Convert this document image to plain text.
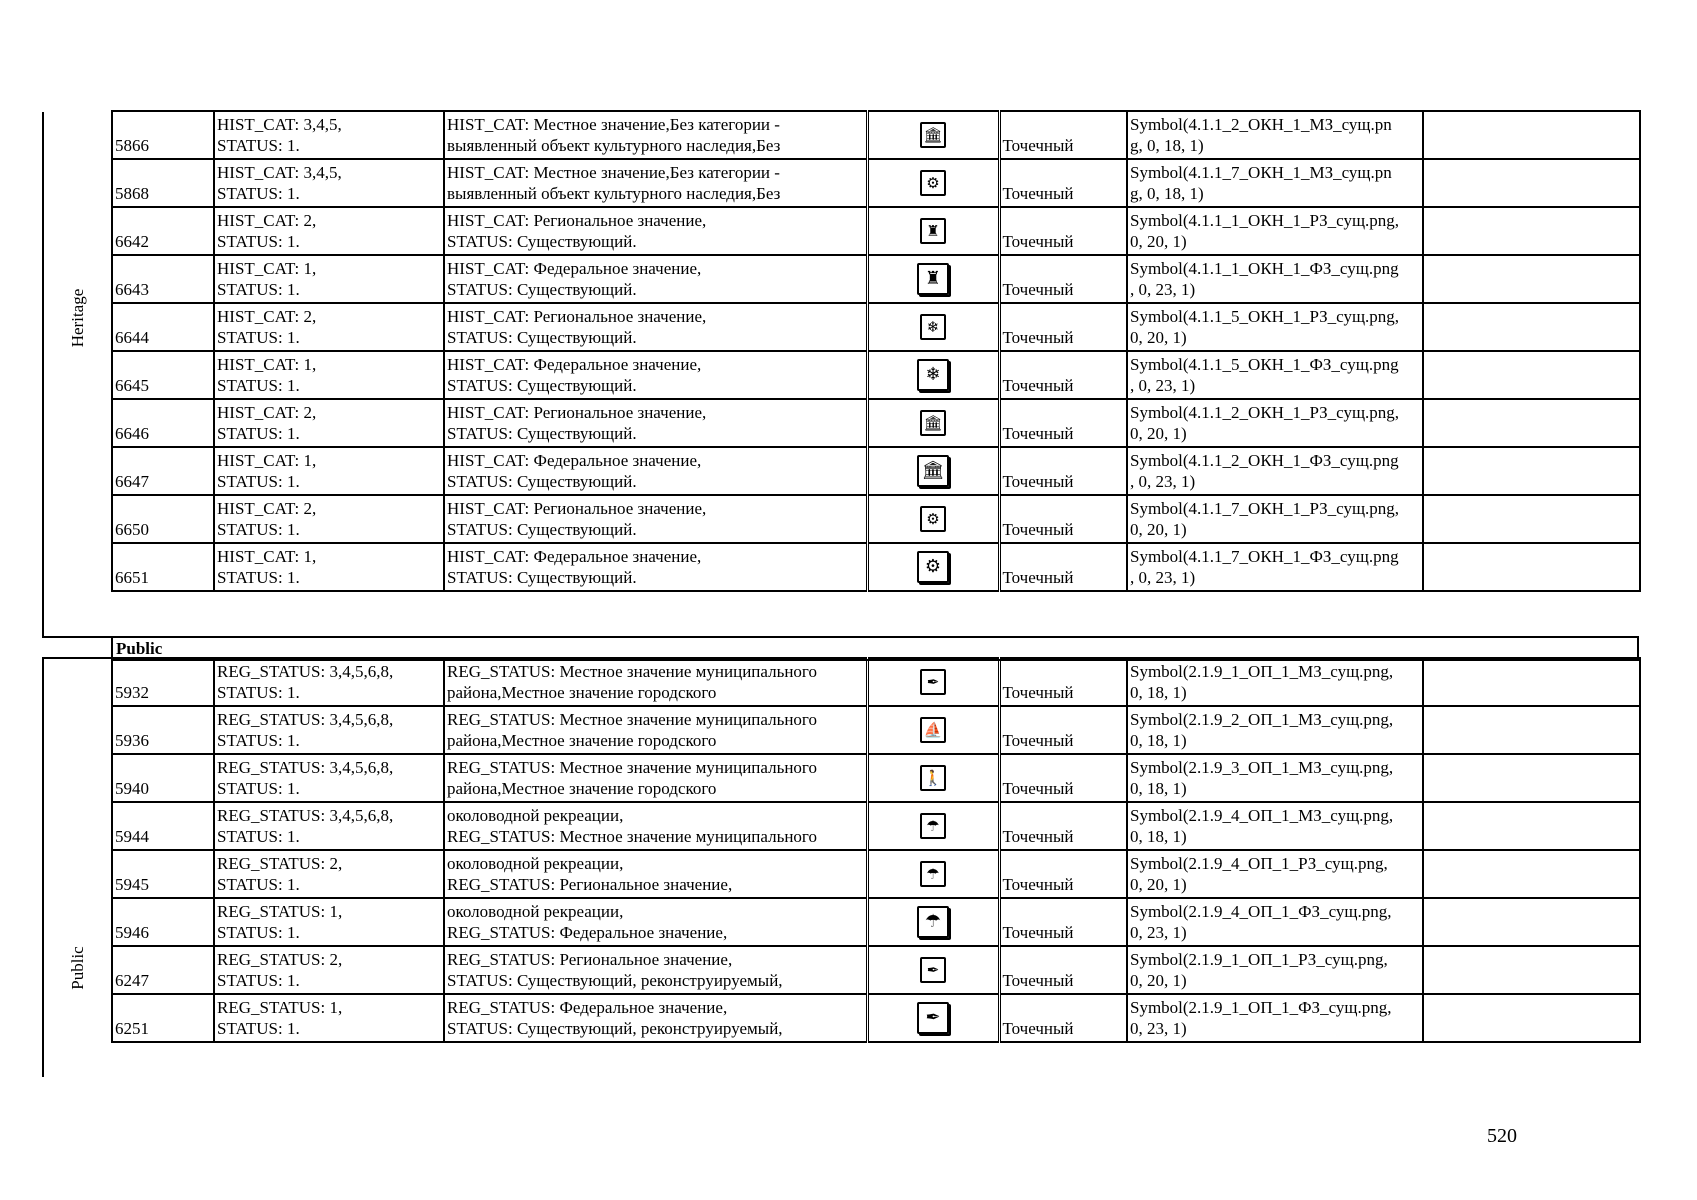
Heritage
Public
5866	HIST_CAT: 3,4,5,
STATUS: 1.	HIST_CAT: Местное значение,Без категории -
выявленный объект культурного наследия,Без	🏛	Точечный	Symbol(4.1.1_2_ОКН_1_МЗ_сущ.pn
g, 0, 18, 1)	

5868	HIST_CAT: 3,4,5,
STATUS: 1.	HIST_CAT: Местное значение,Без категории -
выявленный объект культурного наследия,Без	⚙	Точечный	Symbol(4.1.1_7_ОКН_1_МЗ_сущ.pn
g, 0, 18, 1)	

6642	HIST_CAT: 2,
STATUS: 1.	HIST_CAT: Региональное значение,
STATUS: Существующий.	♜	Точечный	Symbol(4.1.1_1_ОКН_1_РЗ_сущ.png,
0, 20, 1)	

6643	HIST_CAT: 1,
STATUS: 1.	HIST_CAT: Федеральное значение,
STATUS: Существующий.	♜	Точечный	Symbol(4.1.1_1_ОКН_1_ФЗ_сущ.png
, 0, 23, 1)	

6644	HIST_CAT: 2,
STATUS: 1.	HIST_CAT: Региональное значение,
STATUS: Существующий.	❄	Точечный	Symbol(4.1.1_5_ОКН_1_РЗ_сущ.png,
0, 20, 1)	

6645	HIST_CAT: 1,
STATUS: 1.	HIST_CAT: Федеральное значение,
STATUS: Существующий.	❄	Точечный	Symbol(4.1.1_5_ОКН_1_ФЗ_сущ.png
, 0, 23, 1)	

6646	HIST_CAT: 2,
STATUS: 1.	HIST_CAT: Региональное значение,
STATUS: Существующий.	🏛	Точечный	Symbol(4.1.1_2_ОКН_1_РЗ_сущ.png,
0, 20, 1)	

6647	HIST_CAT: 1,
STATUS: 1.	HIST_CAT: Федеральное значение,
STATUS: Существующий.	🏛	Точечный	Symbol(4.1.1_2_ОКН_1_ФЗ_сущ.png
, 0, 23, 1)	

6650	HIST_CAT: 2,
STATUS: 1.	HIST_CAT: Региональное значение,
STATUS: Существующий.	⚙	Точечный	Symbol(4.1.1_7_ОКН_1_РЗ_сущ.png,
0, 20, 1)	

6651	HIST_CAT: 1,
STATUS: 1.	HIST_CAT: Федеральное значение,
STATUS: Существующий.	⚙	Точечный	Symbol(4.1.1_7_ОКН_1_ФЗ_сущ.png
, 0, 23, 1)	

Public
5932	REG_STATUS: 3,4,5,6,8,
STATUS: 1.	REG_STATUS: Местное значение муниципального
района,Местное значение городского	✒	Точечный	Symbol(2.1.9_1_ОП_1_МЗ_сущ.png,
0, 18, 1)	

5936	REG_STATUS: 3,4,5,6,8,
STATUS: 1.	REG_STATUS: Местное значение муниципального
района,Местное значение городского	⛵	Точечный	Symbol(2.1.9_2_ОП_1_МЗ_сущ.png,
0, 18, 1)	

5940	REG_STATUS: 3,4,5,6,8,
STATUS: 1.	REG_STATUS: Местное значение муниципального
района,Местное значение городского	🚶	Точечный	Symbol(2.1.9_3_ОП_1_МЗ_сущ.png,
0, 18, 1)	

5944	REG_STATUS: 3,4,5,6,8,
STATUS: 1.	околоводной рекреации,
REG_STATUS: Местное значение муниципального	☂	Точечный	Symbol(2.1.9_4_ОП_1_МЗ_сущ.png,
0, 18, 1)	

5945	REG_STATUS: 2,
STATUS: 1.	околоводной рекреации,
REG_STATUS: Региональное значение,	☂	Точечный	Symbol(2.1.9_4_ОП_1_РЗ_сущ.png,
0, 20, 1)	

5946	REG_STATUS: 1,
STATUS: 1.	околоводной рекреации,
REG_STATUS: Федеральное значение,	☂	Точечный	Symbol(2.1.9_4_ОП_1_ФЗ_сущ.png,
0, 23, 1)	

6247	REG_STATUS: 2,
STATUS: 1.	REG_STATUS: Региональное значение,
STATUS: Существующий, реконструируемый,	✒	Точечный	Symbol(2.1.9_1_ОП_1_РЗ_сущ.png,
0, 20, 1)	

6251	REG_STATUS: 1,
STATUS: 1.	REG_STATUS: Федеральное значение,
STATUS: Существующий, реконструируемый,	✒	Точечный	Symbol(2.1.9_1_ОП_1_ФЗ_сущ.png,
0, 23, 1)	

520
